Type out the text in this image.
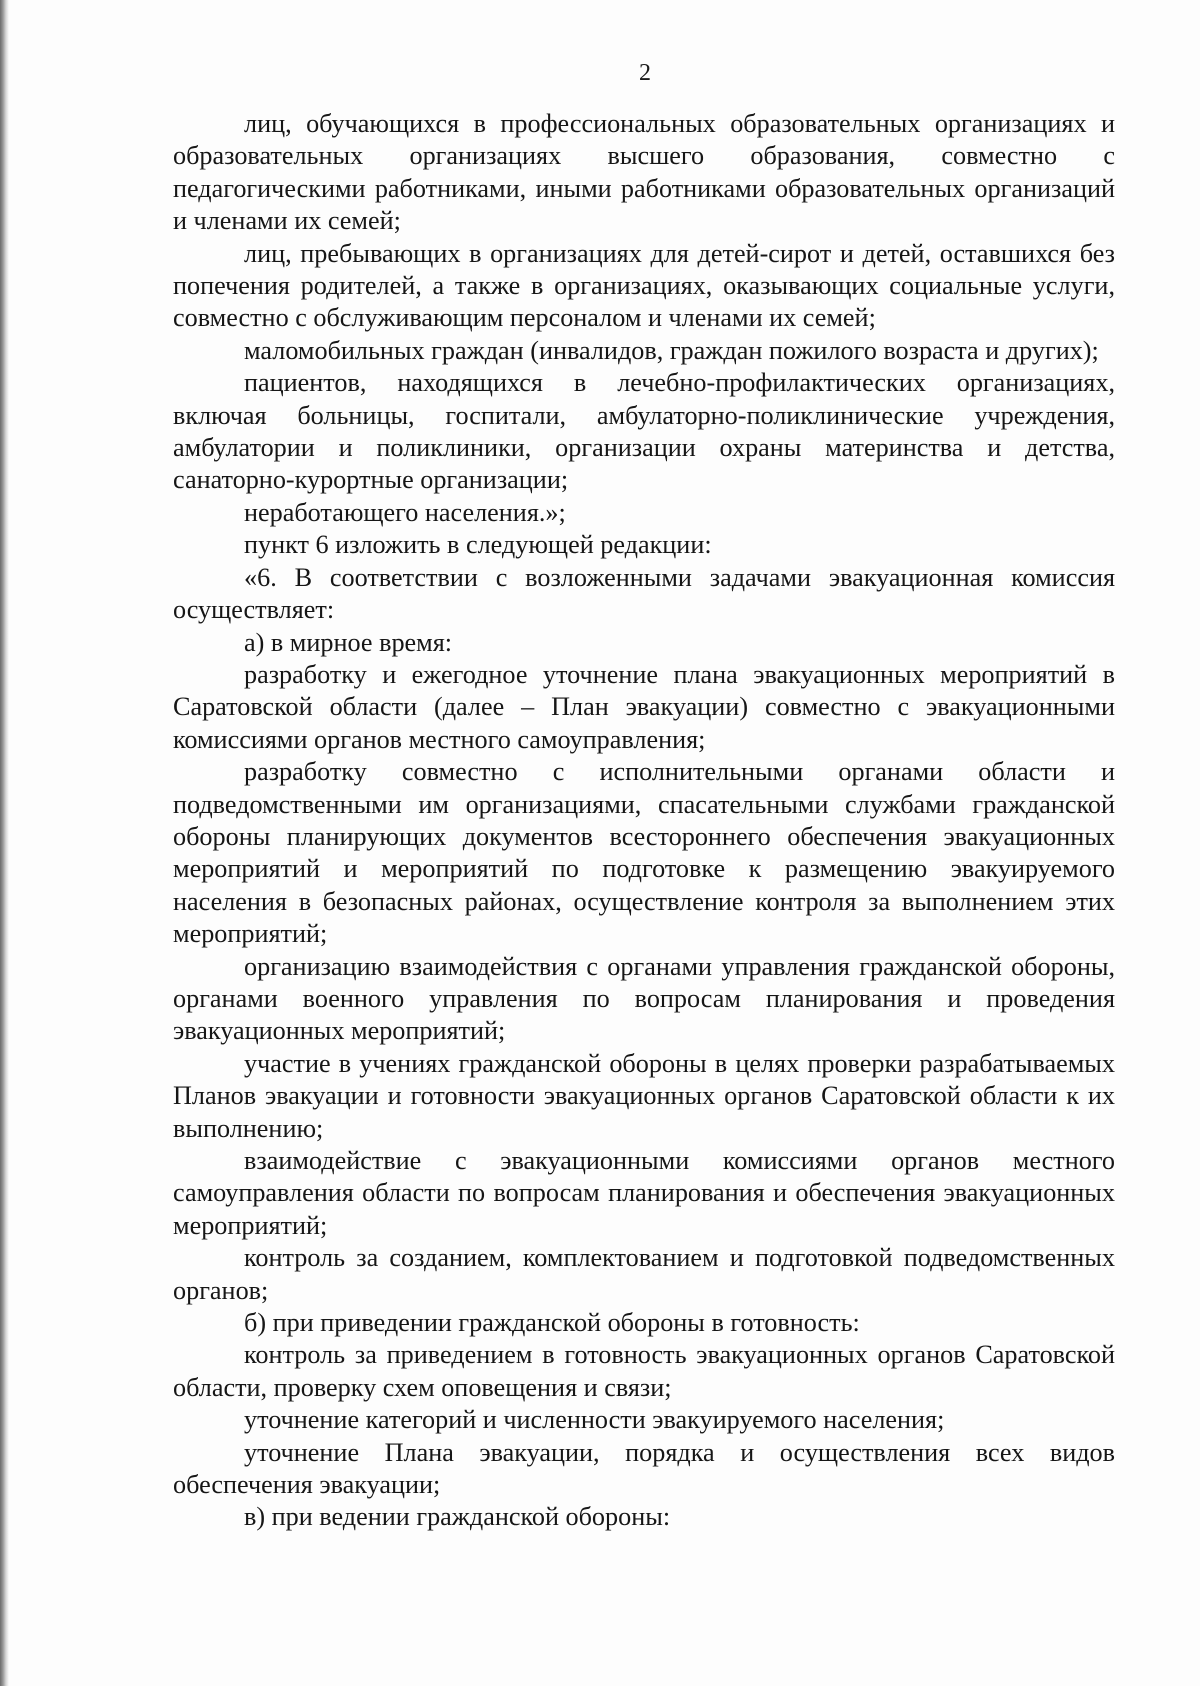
2

лиц, обучающихся в профессиональных образовательных организациях и образовательных организациях высшего образования, совместно с педагогическими работниками, иными работниками образовательных организаций и членами их семей;

лиц, пребывающих в организациях для детей-сирот и детей, оставшихся без попечения родителей, а также в организациях, оказывающих социальные услуги, совместно с обслуживающим персоналом и членами их семей;

маломобильных граждан (инвалидов, граждан пожилого возраста и других);

пациентов, находящихся в лечебно-профилактических организациях, включая больницы, госпитали, амбулаторно-поликлинические учреждения, амбулатории и поликлиники, организации охраны материнства и детства, санаторно-курортные организации;

неработающего населения.»;

пункт 6 изложить в следующей редакции:

«6. В соответствии с возложенными задачами эвакуационная комиссия осуществляет:

а) в мирное время:

разработку и ежегодное уточнение плана эвакуационных мероприятий в Саратовской области (далее – План эвакуации) совместно с эвакуационными комиссиями органов местного самоуправления;

разработку совместно с исполнительными органами области и подведомственными им организациями, спасательными службами гражданской обороны планирующих документов всестороннего обеспечения эвакуационных мероприятий и мероприятий по подготовке к размещению эвакуируемого населения в безопасных районах, осуществление контроля за выполнением этих мероприятий;

организацию взаимодействия с органами управления гражданской обороны, органами военного управления по вопросам планирования и проведения эвакуационных мероприятий;

участие в учениях гражданской обороны в целях проверки разрабатываемых Планов эвакуации и готовности эвакуационных органов Саратовской области к их выполнению;

взаимодействие с эвакуационными комиссиями органов местного самоуправления области по вопросам планирования и обеспечения эвакуационных мероприятий;

контроль за созданием, комплектованием и подготовкой подведомственных органов;

б) при приведении гражданской обороны в готовность:

контроль за приведением в готовность эвакуационных органов Саратовской области, проверку схем оповещения и связи;

уточнение категорий и численности эвакуируемого населения;

уточнение Плана эвакуации, порядка и осуществления всех видов обеспечения эвакуации;

в) при ведении гражданской обороны:
